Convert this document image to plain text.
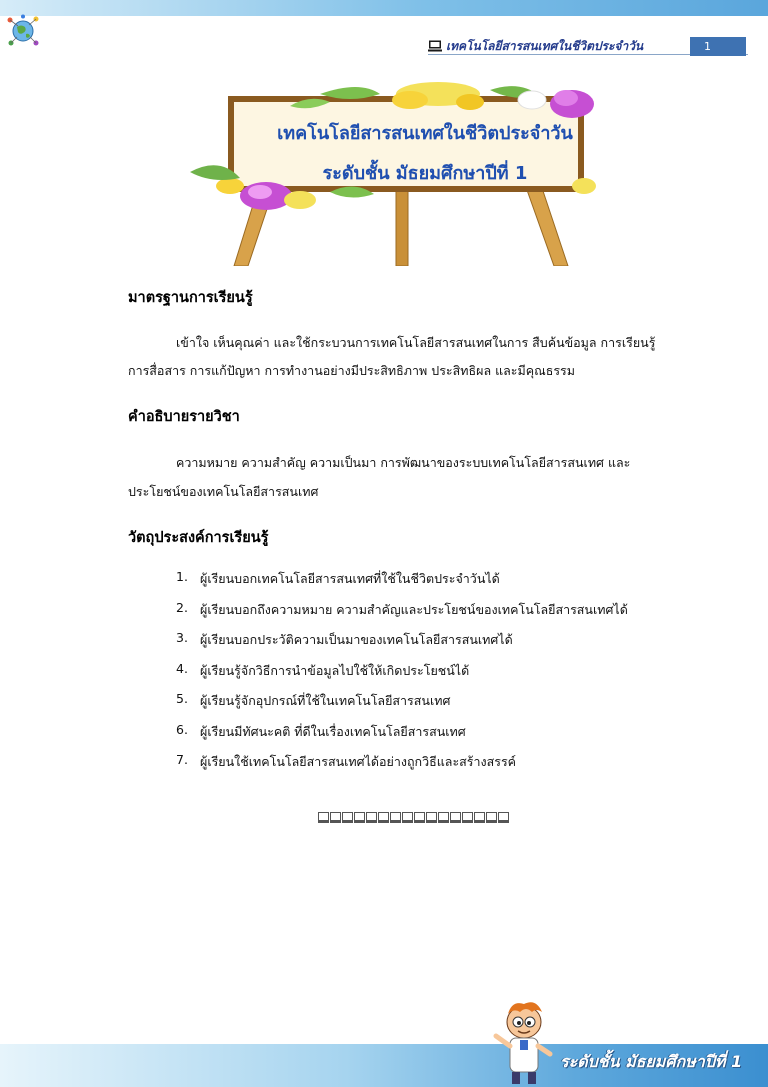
เทคโนโลยีสารสนเทศในชีวิตประจำวัน	1
เทคโนโลยีสารสนเทศในชีวิตประจำวัน
ระดับชั้น มัธยมศึกษาปีที่ 1
มาตรฐานการเรียนรู้
เข้าใจ เห็นคุณค่า และใช้กระบวนการเทคโนโลยีสารสนเทศในการ สืบค้นข้อมูล การเรียนรู้
การสื่อสาร การแก้ปัญหา การทำงานอย่างมีประสิทธิภาพ ประสิทธิผล และมีคุณธรรม
คำอธิบายรายวิชา
ความหมาย ความสำคัญ ความเป็นมา การพัฒนาของระบบเทคโนโลยีสารสนเทศ และ
ประโยชน์ของเทคโนโลยีสารสนเทศ
วัตถุประสงค์การเรียนรู้
1. ผู้เรียนบอกเทคโนโลยีสารสนเทศที่ใช้ในชีวิตประจำวันได้
2. ผู้เรียนบอกถึงความหมาย ความสำคัญและประโยชน์ของเทคโนโลยีสารสนเทศได้
3. ผู้เรียนบอกประวัติความเป็นมาของเทคโนโลยีสารสนเทศได้
4. ผู้เรียนรู้จักวิธีการนำข้อมูลไปใช้ให้เกิดประโยชน์ได้
5. ผู้เรียนรู้จักอุปกรณ์ที่ใช้ในเทคโนโลยีสารสนเทศ
6. ผู้เรียนมีทัศนะคติ ที่ดีในเรื่องเทคโนโลยีสารสนเทศ
7. ผู้เรียนใช้เทคโนโลยีสารสนเทศได้อย่างถูกวิธีและสร้างสรรค์
ระดับชั้น มัธยมศึกษาปีที่ 1
